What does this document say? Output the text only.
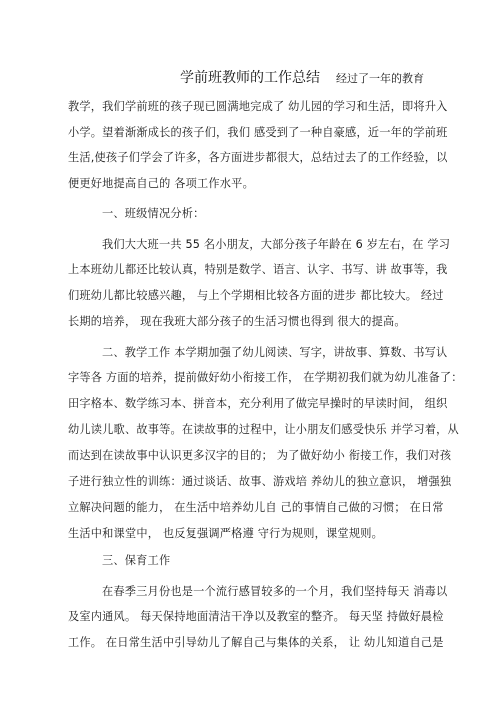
学前班教师的工作总结 经过了一年的教育
教学，我们学前班的孩子现已圆满地完成了 幼儿园的学习和生活，即将升入
小学。望着渐渐成长的孩子们，我们 感受到了一种自豪感，近一年的学前班
生活,使孩子们学会了许多，各方面进步都很大，总结过去了的工作经验，以
便更好地提高自己的 各项工作水平。
一、班级情况分析：
我们大大班一共 55 名小朋友，大部分孩子年龄在 6 岁左右，在 学习
上本班幼儿都还比较认真，特别是数学、语言、认字、书写、讲 故事等，我
们班幼儿都比较感兴趣， 与上个学期相比较各方面的进步 都比较大。 经过
长期的培养， 现在我班大部分孩子的生活习惯也得到 很大的提高。
二、教学工作 本学期加强了幼儿阅读、写字，讲故事、算数、书写认
字等各 方面的培养，提前做好幼小衔接工作， 在学期初我们就为幼儿准备了：
田字格本、数学练习本、拼音本，充分利用了做完早操时的早读时间， 组织
幼儿读儿歌、故事等。在读故事的过程中，让小朋友们感受快乐 并学习着，从
而达到在读故事中认识更多汉字的目的； 为了做好幼小 衔接工作，我们对孩
子进行独立性的训练：通过谈话、故事、游戏培 养幼儿的独立意识， 增强独
立解决问题的能力， 在生活中培养幼儿自 己的事情自己做的习惯； 在日常
生活中和课堂中， 也反复强调严格遵 守行为规则，课堂规则。
三、保育工作
在春季三月份也是一个流行感冒较多的一个月，我们坚持每天 消毒以
及室内通风。 每天保持地面清洁干净以及教室的整齐。 每天坚 持做好晨检
工作。 在日常生活中引导幼儿了解自己与集体的关系， 让 幼儿知道自己是
